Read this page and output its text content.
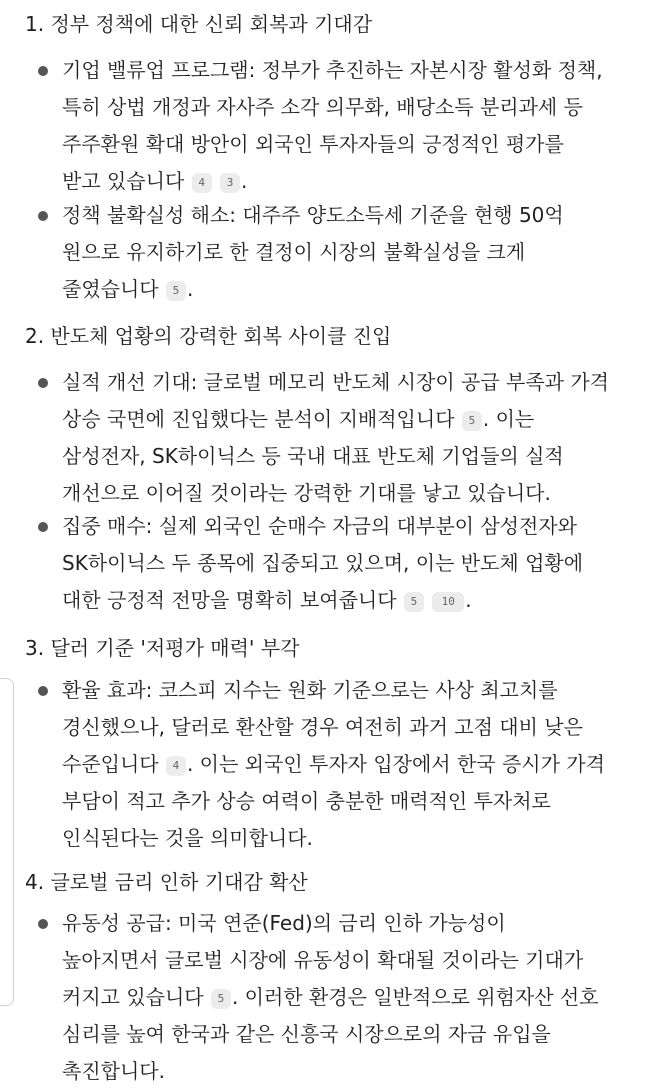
1. 정부 정책에 대한 신뢰 회복과 기대감
기업 밸류업 프로그램: 정부가 추진하는 자본시장 활성화 정책,
특히 상법 개정과 자사주 소각 의무화, 배당소득 분리과세 등
주주환원 확대 방안이 외국인 투자자들의 긍정적인 평가를
받고 있습니다 4 3 .
정책 불확실성 해소: 대주주 양도소득세 기준을 현행 50억
원으로 유지하기로 한 결정이 시장의 불확실성을 크게
줄였습니다 5 .
2. 반도체 업황의 강력한 회복 사이클 진입
실적 개선 기대: 글로벌 메모리 반도체 시장이 공급 부족과 가격
상승 국면에 진입했다는 분석이 지배적입니다 5 . 이는
삼성전자, SK하이닉스 등 국내 대표 반도체 기업들의 실적
개선으로 이어질 것이라는 강력한 기대를 낳고 있습니다.
집중 매수: 실제 외국인 순매수 자금의 대부분이 삼성전자와
SK하이닉스 두 종목에 집중되고 있으며, 이는 반도체 업황에
대한 긍정적 전망을 명확히 보여줍니다 5 10 .
3. 달러 기준 '저평가 매력' 부각
환율 효과: 코스피 지수는 원화 기준으로는 사상 최고치를
경신했으나, 달러로 환산할 경우 여전히 과거 고점 대비 낮은
수준입니다 4 . 이는 외국인 투자자 입장에서 한국 증시가 가격
부담이 적고 추가 상승 여력이 충분한 매력적인 투자처로
인식된다는 것을 의미합니다.
4. 글로벌 금리 인하 기대감 확산
유동성 공급: 미국 연준(Fed)의 금리 인하 가능성이
높아지면서 글로벌 시장에 유동성이 확대될 것이라는 기대가
커지고 있습니다 5 . 이러한 환경은 일반적으로 위험자산 선호
심리를 높여 한국과 같은 신흥국 시장으로의 자금 유입을
촉진합니다.
